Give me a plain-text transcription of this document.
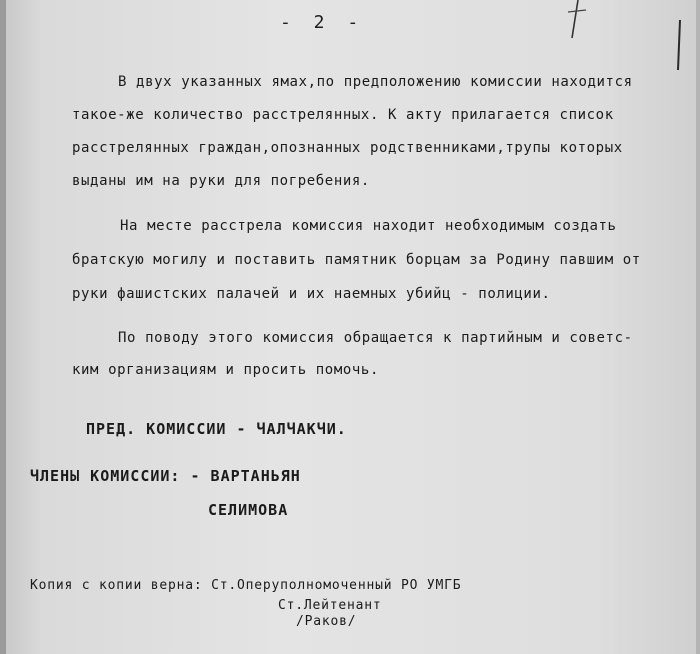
- 2 -
В двух указанных ямах,по предположению комиссии находится
такое-же количество расстрелянных. К акту прилагается список
расстрелянных граждан,опознанных родственниками,трупы которых
выданы им на руки для погребения.
На месте расстрела комиссия находит необходимым создать
братскую могилу и поставить памятник борцам за Родину павшим от
руки фашистских палачей и их наемных убийц - полиции.
По поводу этого комиссия обращается к партийным и советс-
ким организациям и просить помочь.
ПРЕД. КОМИССИИ - ЧАЛЧАКЧИ.
ЧЛЕНЫ КОМИССИИ: - ВАРТАНЬЯН
СЕЛИМОВА
Копия с копии верна: Ст.Оперуполномоченный РО УМГБ
Ст.Лейтенант
/Раков/
